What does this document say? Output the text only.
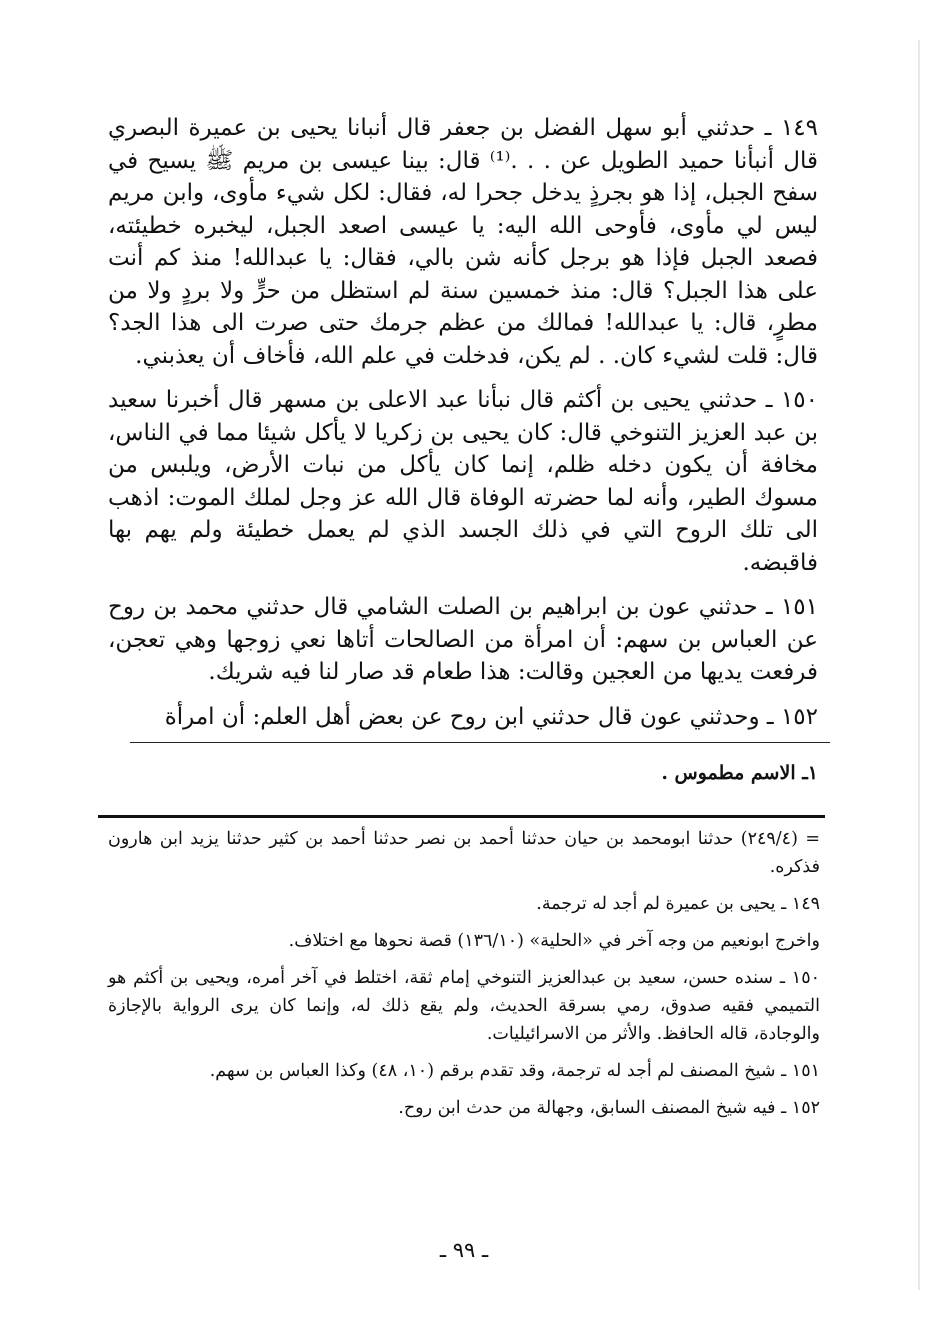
١٤٩ ـ حدثني أبو سهل الفضل بن جعفر قال أنبانا يحيى بن عميرة البصري قال أنبأنا حميد الطويل عن . . .⁽¹⁾ قال: بينا عيسى بن مريم ﷺ يسيح في سفح الجبل، إذا هو بجرذٍ يدخل جحرا له، فقال: لكل شيء مأوى، وابن مريم ليس لي مأوى، فأوحى الله اليه: يا عيسى اصعد الجبل، ليخبره خطيئته، فصعد الجبل فإذا هو برجل كأنه شن بالي، فقال: يا عبدالله! منذ كم أنت على هذا الجبل؟ قال: منذ خمسين سنة لم استظل من حرٍّ ولا بردٍ ولا من مطرٍ، قال: يا عبدالله! فمالك من عظم جرمك حتى صرت الى هذا الجد؟ قال: قلت لشيء كان. . لم يكن، فدخلت في علم الله، فأخاف أن يعذبني.

١٥٠ ـ حدثني يحيى بن أكثم قال نبأنا عبد الاعلى بن مسهر قال أخبرنا سعيد بن عبد العزيز التنوخي قال: كان يحيى بن زكريا لا يأكل شيئا مما في الناس، مخافة أن يكون دخله ظلم، إنما كان يأكل من نبات الأرض، ويلبس من مسوك الطير، وأنه لما حضرته الوفاة قال الله عز وجل لملك الموت: اذهب الى تلك الروح التي في ذلك الجسد الذي لم يعمل خطيئة ولم يهم بها فاقبضه.

١٥١ ـ حدثني عون بن ابراهيم بن الصلت الشامي قال حدثني محمد بن روح عن العباس بن سهم: أن امرأة من الصالحات أتاها نعي زوجها وهي تعجن، فرفعت يديها من العجين وقالت: هذا طعام قد صار لنا فيه شريك.

١٥٢ ـ وحدثني عون قال حدثني ابن روح عن بعض أهل العلم: أن امرأة

١ـ الاسم مطموس .

= (٢٤٩/٤) حدثنا ابومحمد بن حيان حدثنا أحمد بن نصر حدثنا أحمد بن كثير حدثنا يزيد ابن هارون فذكره.

١٤٩ ـ يحيى بن عميرة لم أجد له ترجمة.

واخرج ابونعيم من وجه آخر في «الحلية» (١٣٦/١٠) قصة نحوها مع اختلاف.

١٥٠ ـ سنده حسن، سعيد بن عبدالعزيز التنوخي إمام ثقة، اختلط في آخر أمره، ويحيى بن أكثم هو التميمي فقيه صدوق، رمي بسرقة الحديث، ولم يقع ذلك له، وإنما كان يرى الرواية بالإجازة والوجادة، قاله الحافظ. والأثر من الاسرائيليات.

١٥١ ـ شيخ المصنف لم أجد له ترجمة، وقد تقدم برقم (١٠، ٤٨) وكذا العباس بن سهم.

١٥٢ ـ فيه شيخ المصنف السابق، وجهالة من حدث ابن روح.

ـ ٩٩ ـ
